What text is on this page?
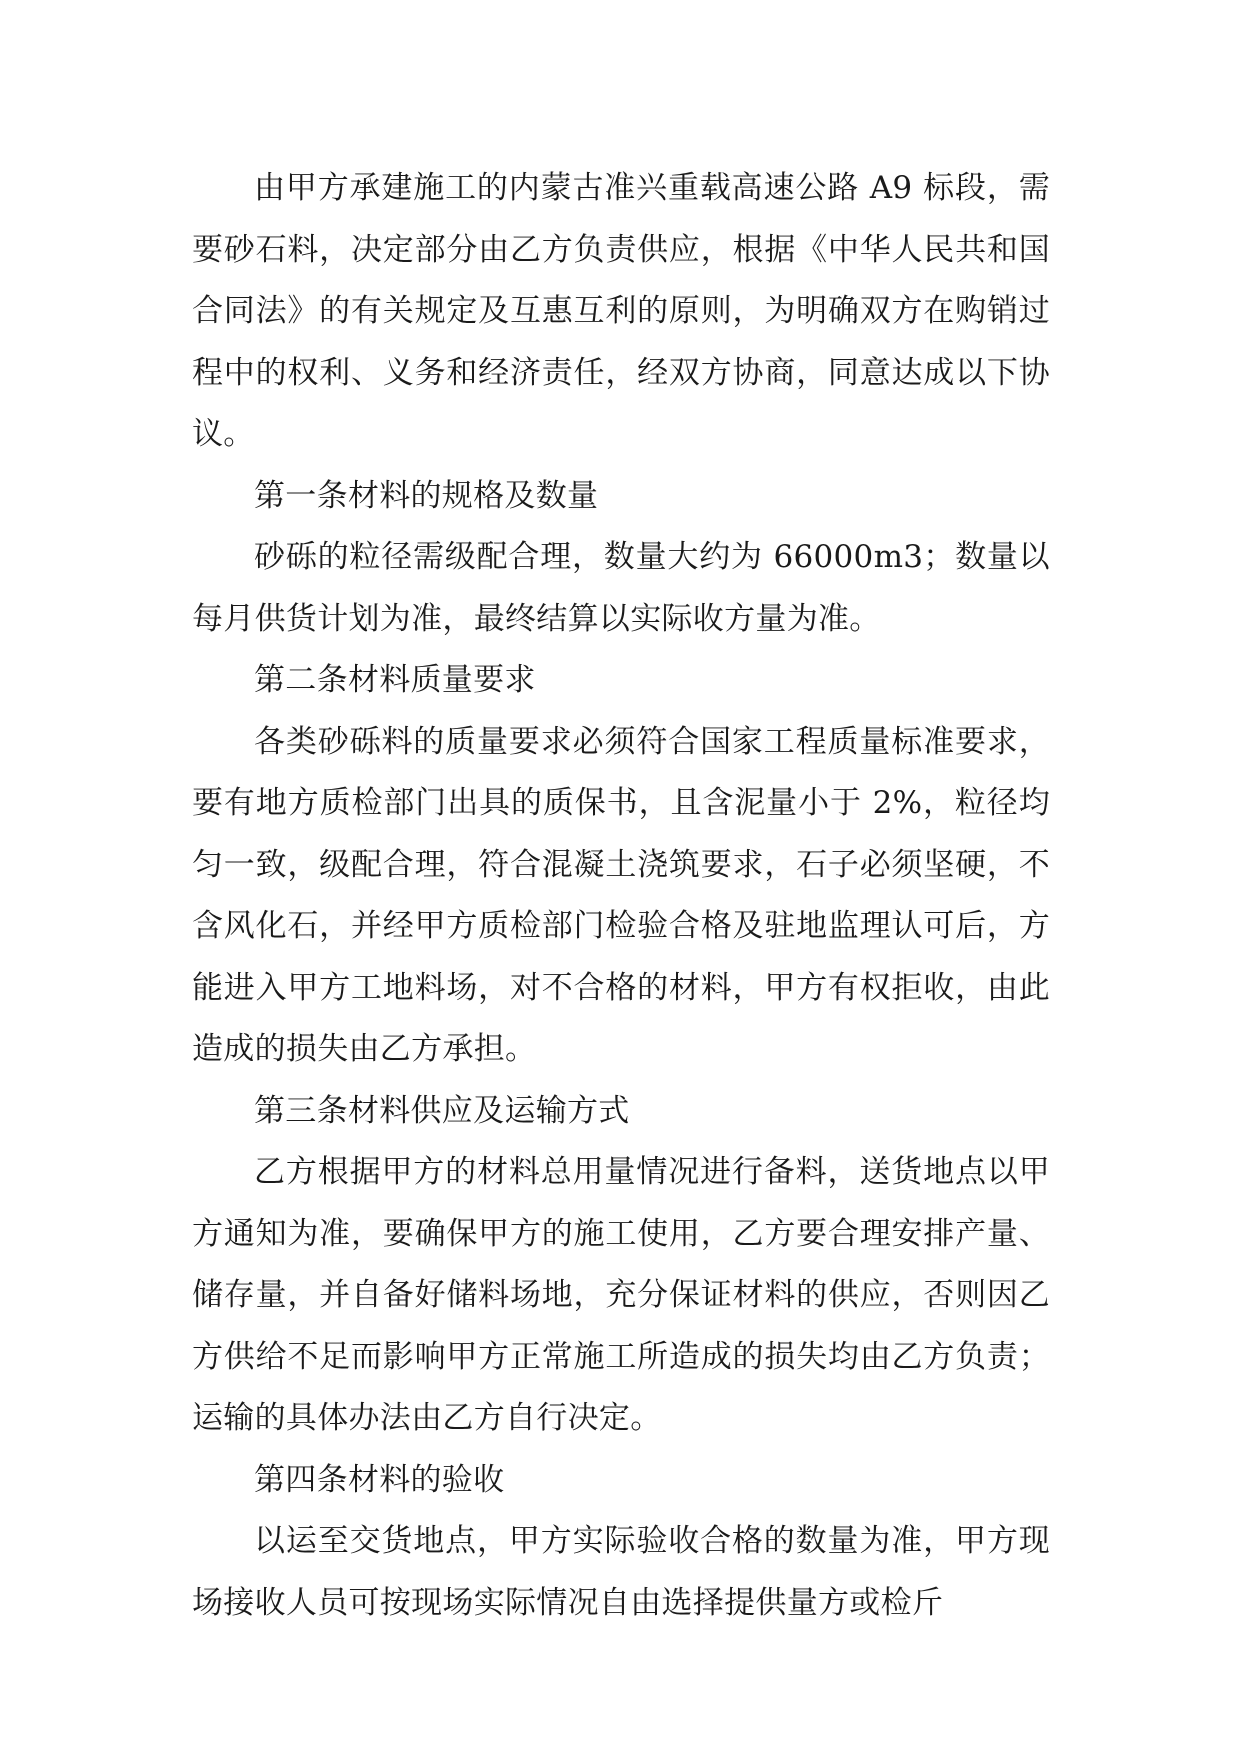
由甲方承建施工的内蒙古准兴重载高速公路 A9 标段，需要砂石料，决定部分由乙方负责供应，根据《中华人民共和国合同法》的有关规定及互惠互利的原则，为明确双方在购销过程中的权利、义务和经济责任，经双方协商，同意达成以下协议。

第一条材料的规格及数量

砂砾的粒径需级配合理，数量大约为 66000m3；数量以每月供货计划为准，最终结算以实际收方量为准。

第二条材料质量要求

各类砂砾料的质量要求必须符合国家工程质量标准要求，要有地方质检部门出具的质保书，且含泥量小于 2%，粒径均匀一致，级配合理，符合混凝土浇筑要求，石子必须坚硬，不含风化石，并经甲方质检部门检验合格及驻地监理认可后，方能进入甲方工地料场，对不合格的材料，甲方有权拒收，由此造成的损失由乙方承担。

第三条材料供应及运输方式

乙方根据甲方的材料总用量情况进行备料，送货地点以甲方通知为准，要确保甲方的施工使用，乙方要合理安排产量、储存量，并自备好储料场地，充分保证材料的供应，否则因乙方供给不足而影响甲方正常施工所造成的损失均由乙方负责；运输的具体办法由乙方自行决定。

第四条材料的验收

以运至交货地点，甲方实际验收合格的数量为准，甲方现场接收人员可按现场实际情况自由选择提供量方或检斤
